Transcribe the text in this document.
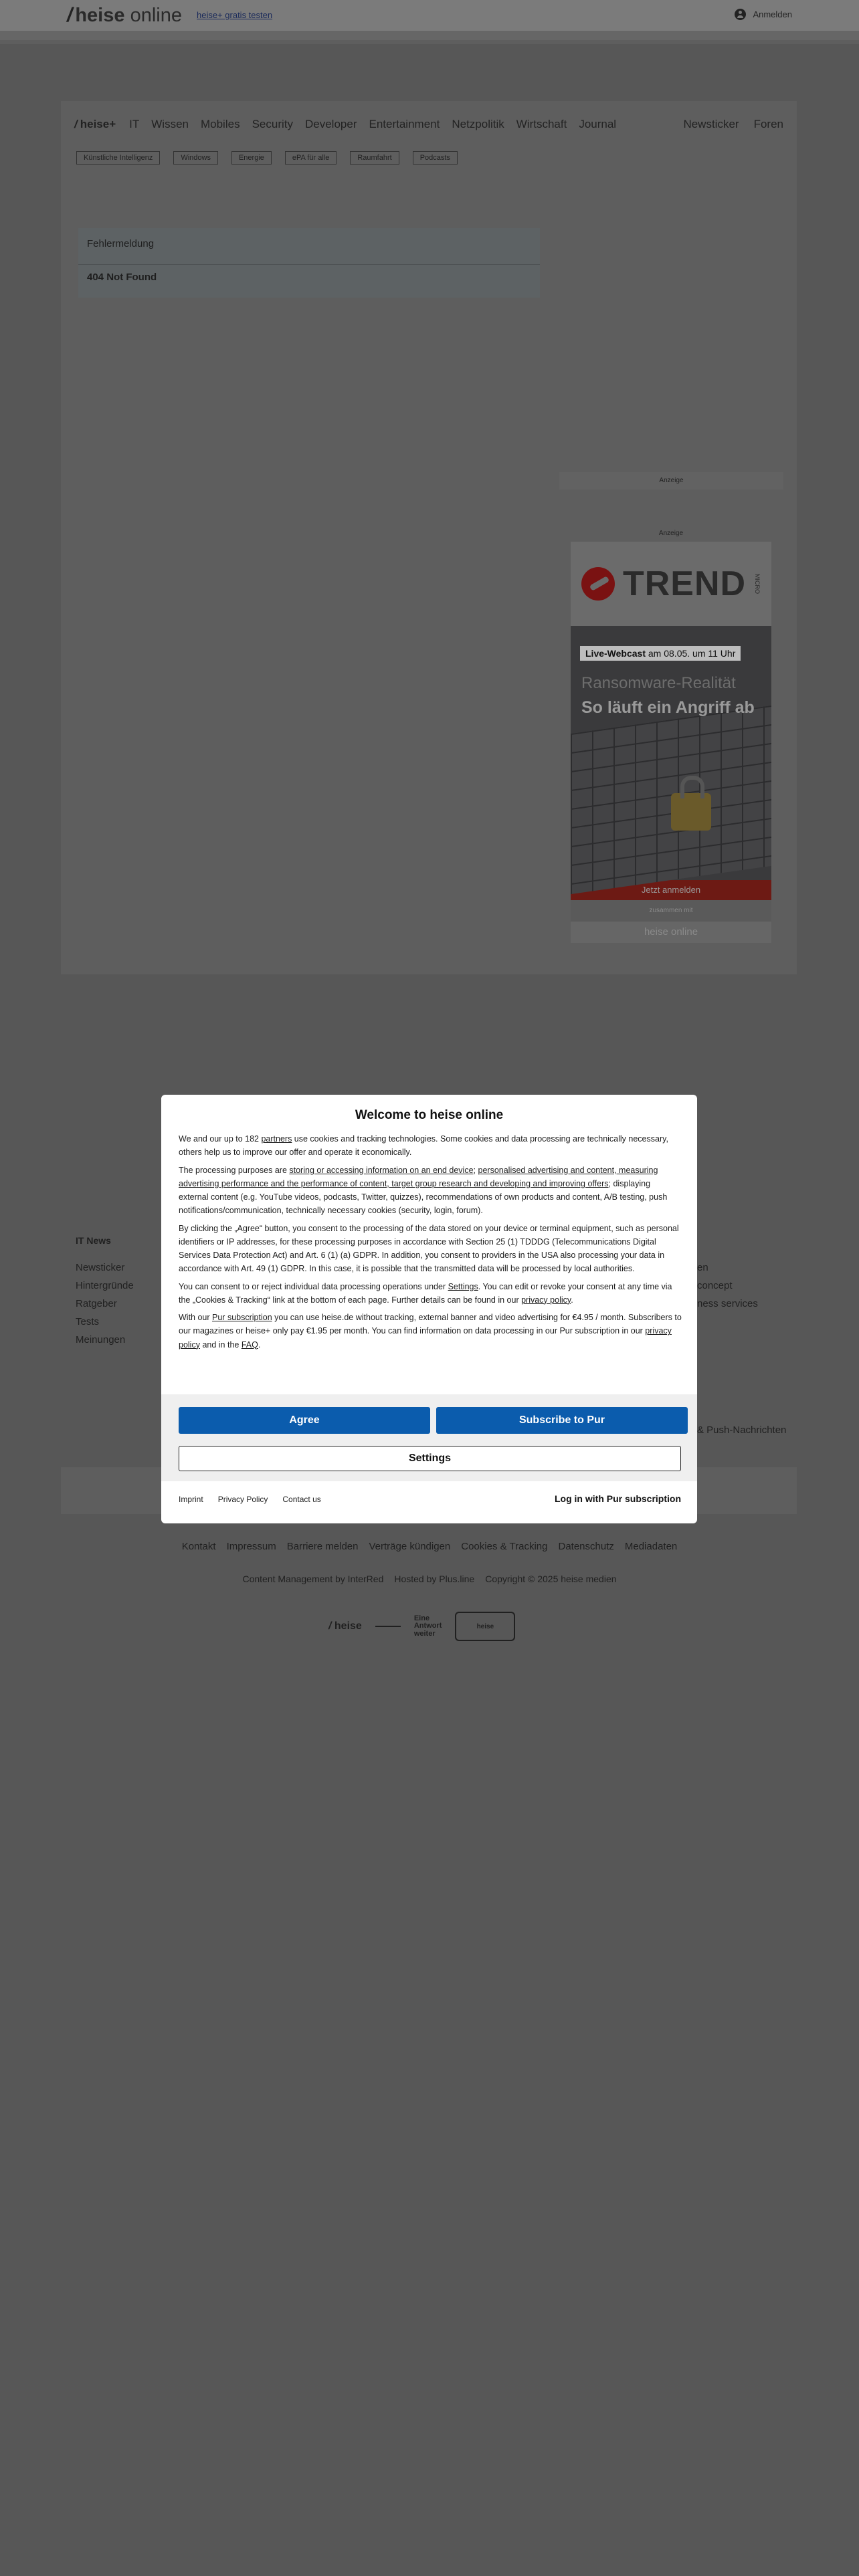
/ heise online heise+ gratis testen	Anmelden
/ heise+ IT Wissen Mobiles Security Developer Entertainment Netzpolitik Wirtschaft Journal	Newsticker Foren
Künstliche Intelligenz	Windows	Energie	ePA für alle	Raumfahrt	Podcasts
Fehlermeldung
404 Not Found
Anzeige
Anzeige
TREND MICRO
Live-Webcast am 08.05. um 11 Uhr
Ransomware-Realität
So läuft ein Angriff ab
Jetzt anmelden
zusammen mit
heise online
IT News
Newsticker
Hintergründe
Ratgeber
Tests
Meinungen
en
concept
ness services
& Push-Nachrichten
Kontakt Impressum Barriere melden Verträge kündigen Cookies & Tracking Datenschutz Mediadaten
Content Management by InterRed Hosted by Plus.line Copyright © 2025 heise medien
/ heise
Eine
Antwort
weiter
heise
Welcome to heise online

We and our up to 182 partners use cookies and tracking technologies. Some cookies and data processing are technically necessary, others help us to improve our offer and operate it economically.

The processing purposes are storing or accessing information on an end device; personalised advertising and content, measuring advertising performance and the performance of content, target group research and developing and improving offers; displaying external content (e.g. YouTube videos, podcasts, Twitter, quizzes), recommendations of own products and content, A/B testing, push notifications/communication, technically necessary cookies (security, login, forum).

By clicking the „Agree“ button, you consent to the processing of the data stored on your device or terminal equipment, such as personal identifiers or IP addresses, for these processing purposes in accordance with Section 25 (1) TDDDG (Telecommunications Digital Services Data Protection Act) and Art. 6 (1) (a) GDPR. In addition, you consent to providers in the USA also processing your data in accordance with Art. 49 (1) GDPR. In this case, it is possible that the transmitted data will be processed by local authorities.

You can consent to or reject individual data processing operations under Settings. You can edit or revoke your consent at any time via the „Cookies & Tracking“ link at the bottom of each page. Further details can be found in our privacy policy.

With our Pur subscription you can use heise.de without tracking, external banner and video advertising for €4.95 / month. Subscribers to our magazines or heise+ only pay €1.95 per month. You can find information on data processing in our Pur subscription in our privacy policy and in the FAQ.

Agree	Subscribe to Pur
Settings
Imprint Privacy Policy Contact us	Log in with Pur subscription
